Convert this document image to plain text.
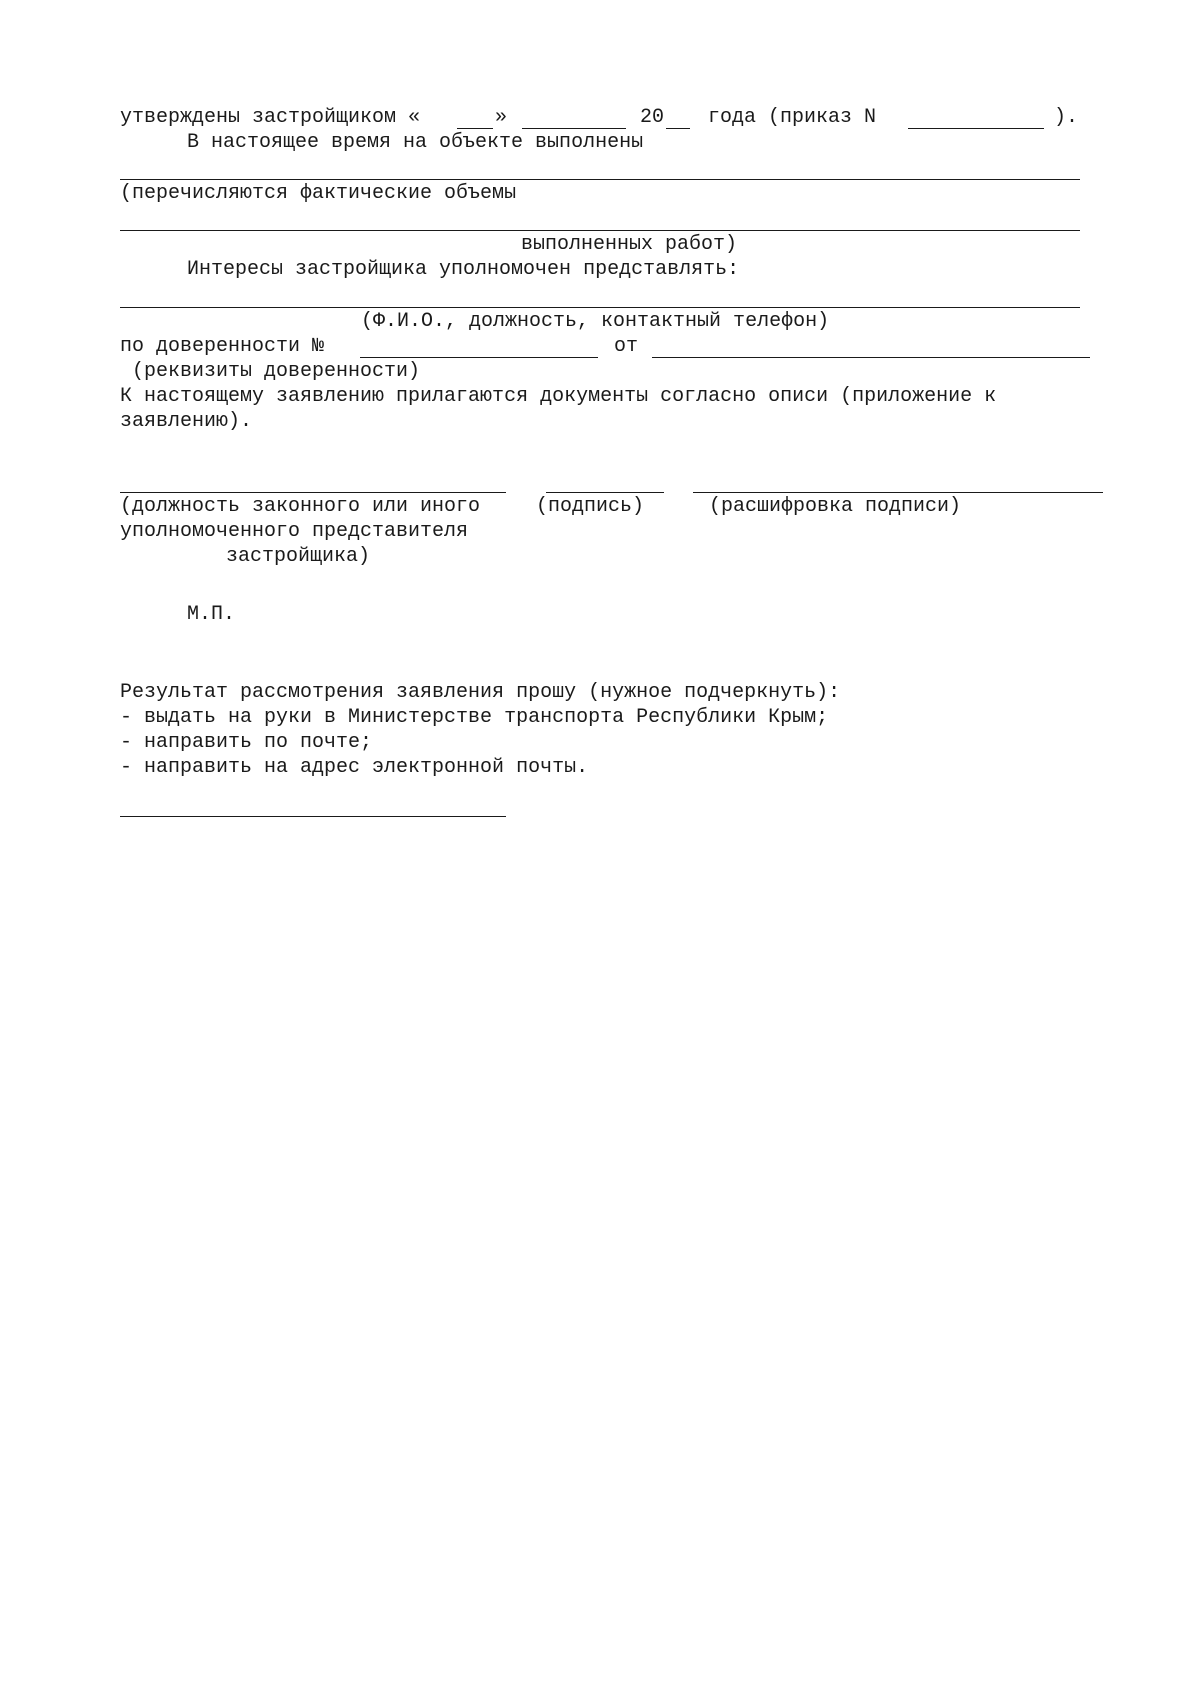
утверждены застройщиком «	»	20 года (приказ N	).
В настоящее время на объекте выполнены
(перечисляются фактические объемы
выполненных работ)
Интересы застройщика уполномочен представлять:
(Ф.И.О., должность, контактный телефон)
по доверенности №	от
(реквизиты доверенности)
К настоящему заявлению прилагаются документы согласно описи (приложение к
заявлению).
(должность законного или иного	(подпись)	(расшифровка подписи)
уполномоченного представителя
застройщика)
М.П.
Результат рассмотрения заявления прошу (нужное подчеркнуть):
- выдать на руки в Министерстве транспорта Республики Крым;
- направить по почте;
- направить на адрес электронной почты.
